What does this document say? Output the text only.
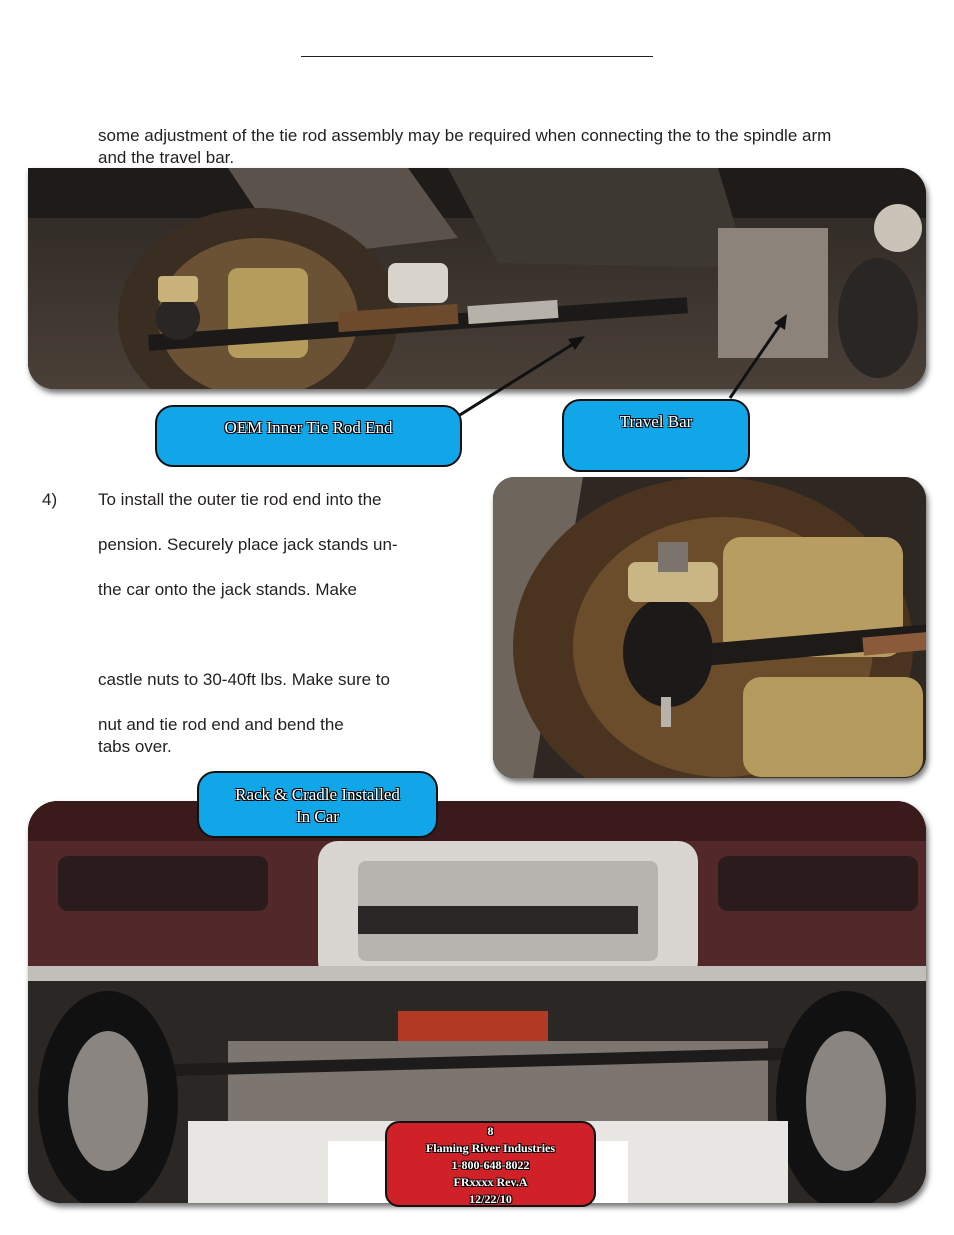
some adjustment of the tie rod assembly may be required when connecting the to the spindle arm
and the travel bar.
OEM Inner Tie Rod End	Travel Bar
4) To install the outer tie rod end into the
pension. Securely place jack stands un-
the car onto the jack stands. Make
castle nuts to 30-40ft lbs. Make sure to
nut and tie rod end and bend the
tabs over.
Rack & Cradle Installed
In Car
8
Flaming River Industries
1-800-648-8022
FRxxxx Rev.A
12/22/10
